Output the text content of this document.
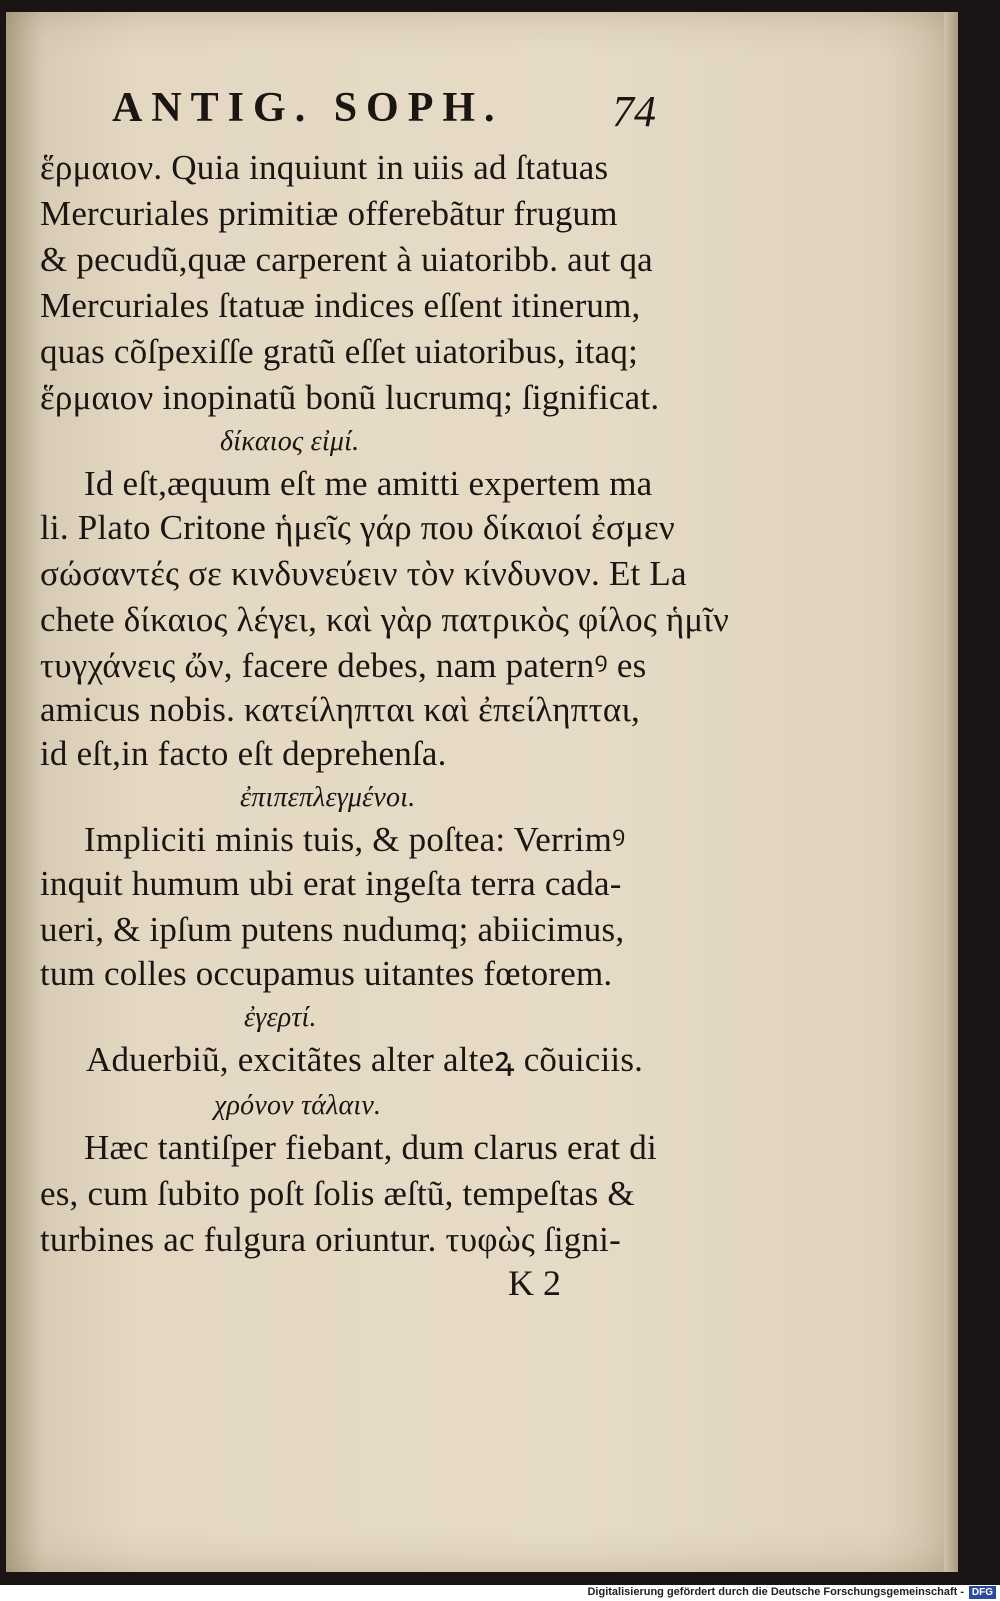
ANTIG. SOPH. 74
ἕρμαιον. Quia inquiunt in uiis ad ſtatuas
Mercuriales primitiæ offerebãtur frugum
& pecudũ,quæ carperent à uiatoribb. aut qa
Mercuriales ſtatuæ indices eſſent itinerum,
quas cõſpexiſſe gratũ eſſet uiatoribus, itaq;
ἕρμαιον inopinatũ bonũ lucrumq; ſignificat.
δίκαιος εἰμί.
Id eſt,æquum eſt me amitti expertem ma
li. Plato Critone ἡμεῖς γάρ που δίκαιοί ἐσμεν
σώσαντές σε κινδυνεύειν τὸν κίνδυνον. Et La
chete δίκαιος λέγει, καὶ γὰρ πατρικὸς φίλος ἡμῖν
τυγχάνεις ὤν, facere debes, nam paternꝰ es
amicus nobis. κατείληπται καὶ ἐπείληπται,
id eſt,in facto eſt deprehenſa.
ἐπιπεπλεγμένοι.
Impliciti minis tuis, & poſtea: Verrimꝰ
inquit humum ubi erat ingeſta terra cada-
ueri, & ipſum putens nudumq; abiicimus,
tum colles occupamus uitantes fœtorem.
ἐγερτί.
Aduerbiũ, excitãtes alter alteꝝ cõuiciis.
χρόνον τάλαιν.
Hæc tantiſper fiebant, dum clarus erat di
es, cum ſubito poſt ſolis æſtũ, tempeſtas &
turbines ac fulgura oriuntur. τυφὼς ſigni-
K 2
Digitalisierung gefördert durch die Deutsche Forschungsgemeinschaft - DFG
